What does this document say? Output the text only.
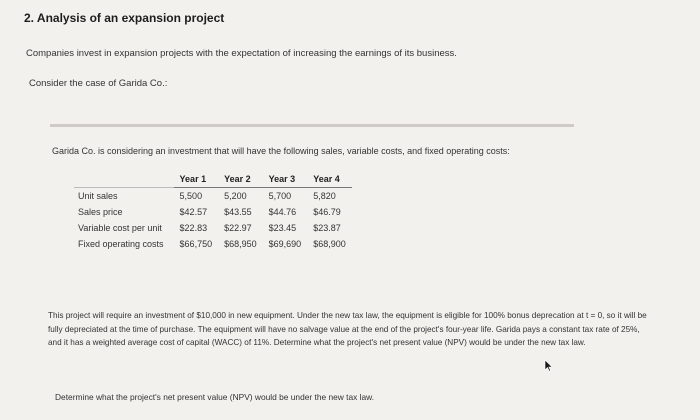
2. Analysis of an expansion project
Companies invest in expansion projects with the expectation of increasing the earnings of its business.
Consider the case of Garida Co.:
Garida Co. is considering an investment that will have the following sales, variable costs, and fixed operating costs:
	Year 1	Year 2	Year 3	Year 4
Unit sales	5,500	5,200	5,700	5,820
Sales price	$42.57	$43.55	$44.76	$46.79
Variable cost per unit	$22.83	$22.97	$23.45	$23.87
Fixed operating costs	$66,750	$68,950	$69,690	$68,900
This project will require an investment of $10,000 in new equipment. Under the new tax law, the equipment is eligible for 100% bonus deprecation at t = 0, so it will be fully depreciated at the time of purchase. The equipment will have no salvage value at the end of the project's four-year life. Garida pays a constant tax rate of 25%, and it has a weighted average cost of capital (WACC) of 11%. Determine what the project's net present value (NPV) would be under the new tax law.
Determine what the project's net present value (NPV) would be under the new tax law.
